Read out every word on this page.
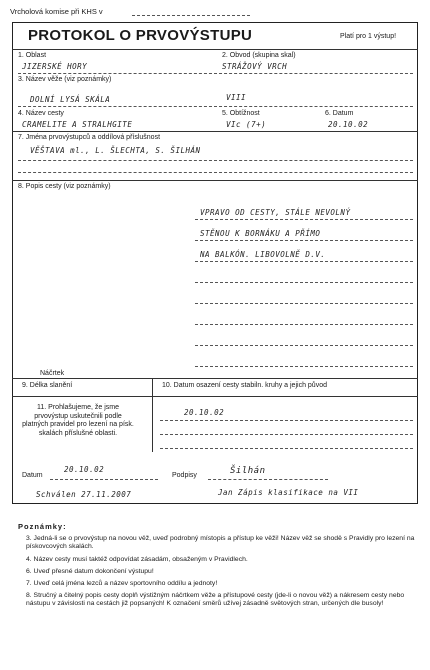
Vrcholová komise při KHS v
PROTOKOL O PRVOVÝSTUPU	Platí pro 1 výstup!
1. Oblast
JIZERSKÉ HORY
2. Obvod (skupina skal)
STRÁŽOVÝ VRCH
3. Název věže (viz poznámky)
DOLNÍ LYSÁ SKÁLA	VIII
4. Název cesty
CRAMELITE A STRALHGITE
5. Obtížnost
VIc (7+)
6. Datum
20.10.02
7. Jména prvovýstupců a oddílová příslušnost
VĚŠTAVA ml., L. ŠLECHTA, S. ŠILHÁN
8. Popis cesty (viz poznámky)
VPRAVO OD CESTY, STÁLE NEVOLNÝ
STĚNOU K BORNÁKU A PŘÍMO
NA BALKÓN. LIBOVOLNĚ D.V.
Náčrtek
9. Délka slanění	10. Datum osazení cesty stabiln. kruhy a jejich původ
11. Prohlašujeme, že jsme prvovýstup uskutečnili podle platných pravidel pro lezení na písk. skalách příslušné oblasti.
20.10.02
Datum
20.10.02
Podpisy	Šilhán
Schválen 27.11.2007	Jan Zápis klasifikace na VII
Poznámky:
3. Jedná-li se o prvovýstup na novou věž, uveď podrobný místopis a přístup ke věži! Název věž se shodě s Pravidly pro lezení na pískovcových skalách.
4. Název cesty musí taktéž odpovídat zásadám, obsaženým v Pravidlech.
6. Uveď přesné datum dokončení výstupu!
7. Uveď celá jména lezců a název sportovního oddílu a jednoty!
8. Stručný a čitelný popis cesty doplň výstižným náčrtkem věže a přístupové cesty (jde-li o novou věž) a nákresem cesty nebo nástupu v závislosti na cestách již popsaných! K označení směrů užívej zásadně světových stran, určených dle busoly!
